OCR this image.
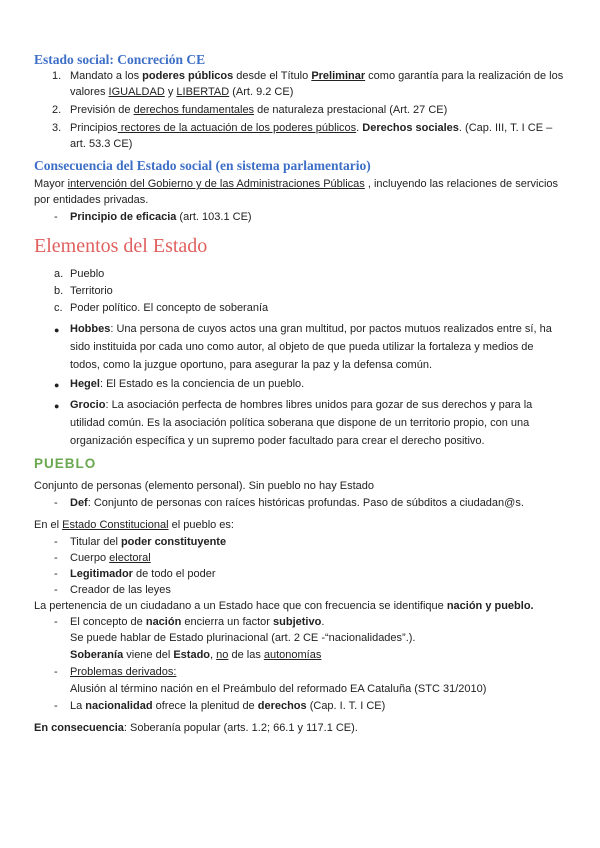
Estado social: Concreción CE
1. Mandato a los poderes públicos desde el Título Preliminar como garantía para la realización de los
valores IGUALDAD y LIBERTAD (Art. 9.2 CE)
2. Previsión de derechos fundamentales de naturaleza prestacional (Art. 27 CE)
3. Principios rectores de la actuación de los poderes públicos. Derechos sociales. (Cap. III, T. I CE –
art. 53.3 CE)
Consecuencia del Estado social (en sistema parlamentario)
Mayor intervención del Gobierno y de las Administraciones Públicas , incluyendo las relaciones de servicios
por entidades privadas.
- Principio de eficacia (art. 103.1 CE)
Elementos del Estado
a. Pueblo
b. Territorio
c. Poder político. El concepto de soberanía
● Hobbes: Una persona de cuyos actos una gran multitud, por pactos mutuos realizados entre sí, ha
sido instituida por cada uno como autor, al objeto de que pueda utilizar la fortaleza y medios de
todos, como la juzgue oportuno, para asegurar la paz y la defensa común.
● Hegel: El Estado es la conciencia de un pueblo.
● Grocio: La asociación perfecta de hombres libres unidos para gozar de sus derechos y para la
utilidad común. Es la asociación política soberana que dispone de un territorio propio, con una
organización específica y un supremo poder facultado para crear el derecho positivo.
PUEBLO
Conjunto de personas (elemento personal). Sin pueblo no hay Estado
- Def: Conjunto de personas con raíces históricas profundas. Paso de súbditos a ciudadan@s.
En el Estado Constitucional el pueblo es:
- Titular del poder constituyente
- Cuerpo electoral
- Legitimador de todo el poder
- Creador de las leyes
La pertenencia de un ciudadano a un Estado hace que con frecuencia se identifique nación y pueblo.
- El concepto de nación encierra un factor subjetivo.
Se puede hablar de Estado plurinacional (art. 2 CE -“nacionalidades”.).
Soberanía viene del Estado, no de las autonomías
- Problemas derivados:
Alusión al término nación en el Preámbulo del reformado EA Cataluña (STC 31/2010)
- La nacionalidad ofrece la plenitud de derechos (Cap. I. T. I CE)
En consecuencia: Soberanía popular (arts. 1.2; 66.1 y 117.1 CE).
